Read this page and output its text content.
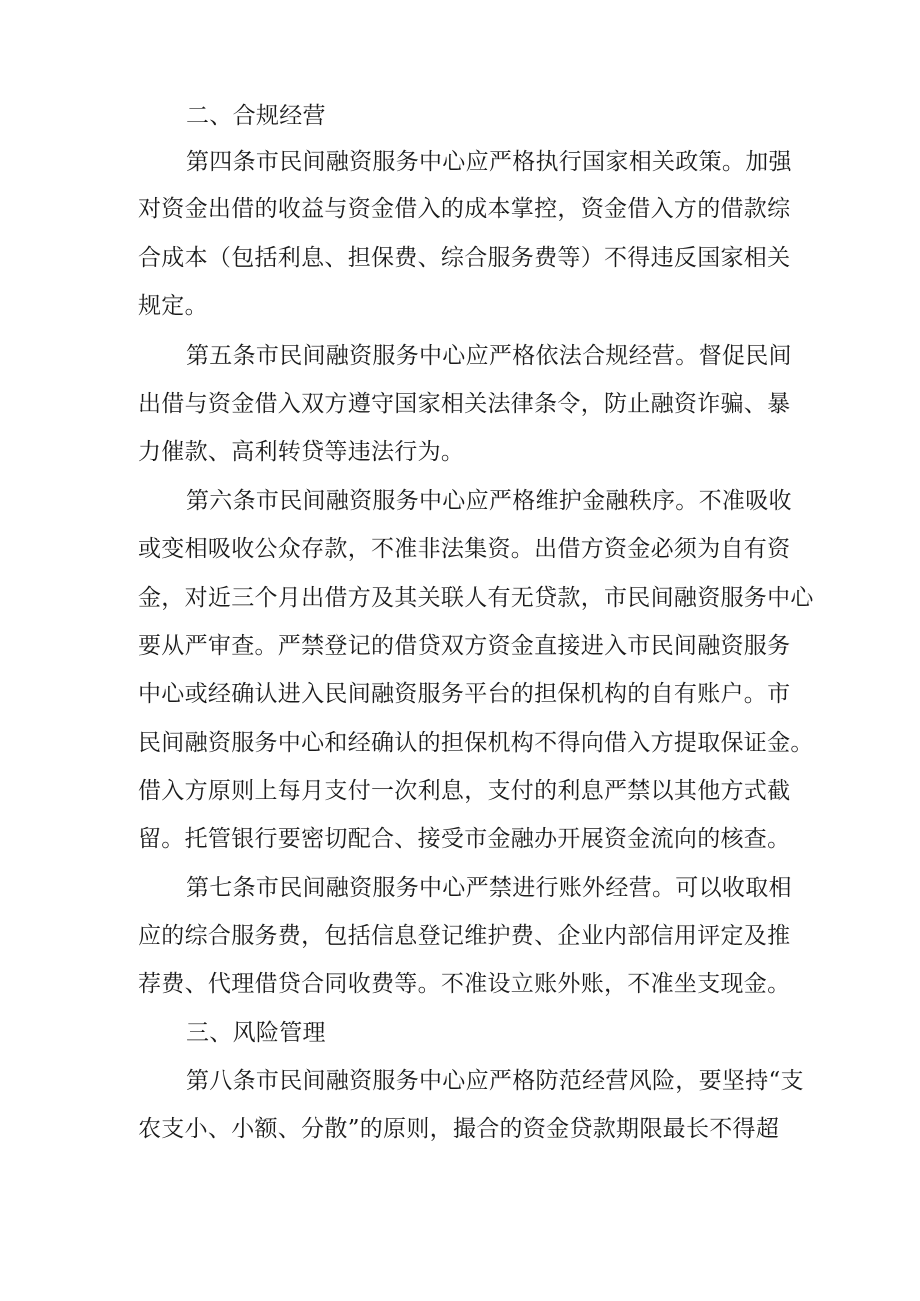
二、合规经营

第四条市民间融资服务中心应严格执行国家相关政策。加强

对资金出借的收益与资金借入的成本掌控，资金借入方的借款综

合成本（包括利息、担保费、综合服务费等）不得违反国家相关

规定。

第五条市民间融资服务中心应严格依法合规经营。督促民间

出借与资金借入双方遵守国家相关法律条令，防止融资诈骗、暴

力催款、高利转贷等违法行为。

第六条市民间融资服务中心应严格维护金融秩序。不准吸收

或变相吸收公众存款，不准非法集资。出借方资金必须为自有资

金，对近三个月出借方及其关联人有无贷款，市民间融资服务中心

要从严审查。严禁登记的借贷双方资金直接进入市民间融资服务

中心或经确认进入民间融资服务平台的担保机构的自有账户。市

民间融资服务中心和经确认的担保机构不得向借入方提取保证金。

借入方原则上每月支付一次利息，支付的利息严禁以其他方式截

留。托管银行要密切配合、接受市金融办开展资金流向的核查。

第七条市民间融资服务中心严禁进行账外经营。可以收取相

应的综合服务费，包括信息登记维护费、企业内部信用评定及推

荐费、代理借贷合同收费等。不准设立账外账，不准坐支现金。

三、风险管理

第八条市民间融资服务中心应严格防范经营风险，要坚持“支

农支小、小额、分散”的原则，撮合的资金贷款期限最长不得超
